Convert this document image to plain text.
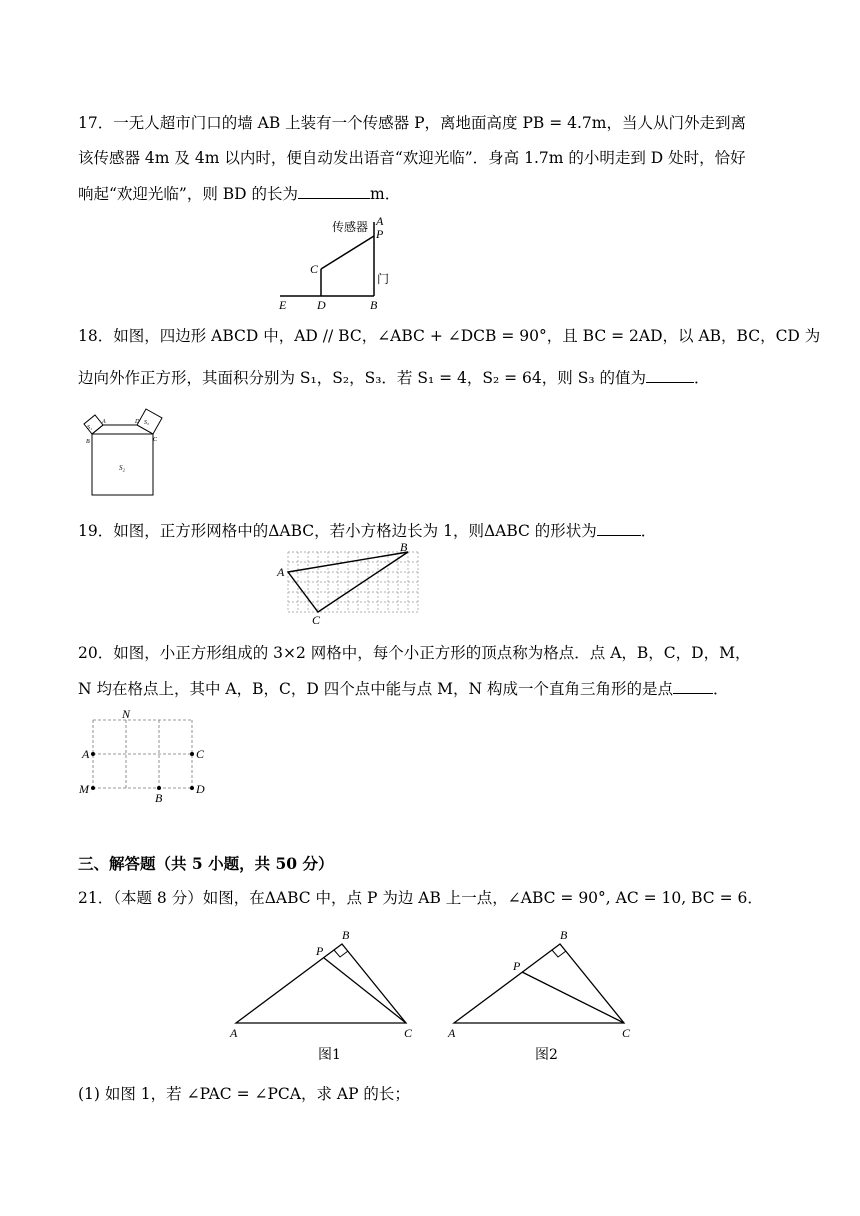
17．一无人超市门口的墙 AB 上装有一个传感器 P，离地面高度 PB = 4.7m，当人从门外走到离
该传感器 4m 及 4m 以内时，便自动发出语音“欢迎光临”．身高 1.7m 的小明走到 D 处时，恰好
响起“欢迎光临”，则 BD 的长为	m．
传感器 A
P
门
C
E	D	B
18．如图，四边形 ABCD 中，AD // BC，∠ABC + ∠DCB = 90°，且 BC = 2AD，以 AB，BC，CD 为
边向外作正方形，其面积分别为 S₁，S₂，S₃．若 S₁ = 4，S₂ = 64，则 S₃ 的值为	．
S₂
S₁
S₃
A	D
B	C
19．如图，正方形网格中的ΔABC，若小方格边长为 1，则ΔABC 的形状为	．
A
B
C
20．如图，小正方形组成的 3×2 网格中，每个小正方形的顶点称为格点．点 A，B，C，D，M，
N 均在格点上，其中 A，B，C，D 四个点中能与点 M，N 构成一个直角三角形的是点	．
N
A	C
M
B
D
三、解答题（共 5 小题，共 50 分）
21．（本题 8 分）如图，在ΔABC 中，点 P 为边 AB 上一点，∠ABC = 90°, AC = 10, BC = 6．
A
B
C
P
图1
A
B
C
P
图2
(1) 如图 1，若 ∠PAC = ∠PCA，求 AP 的长；
